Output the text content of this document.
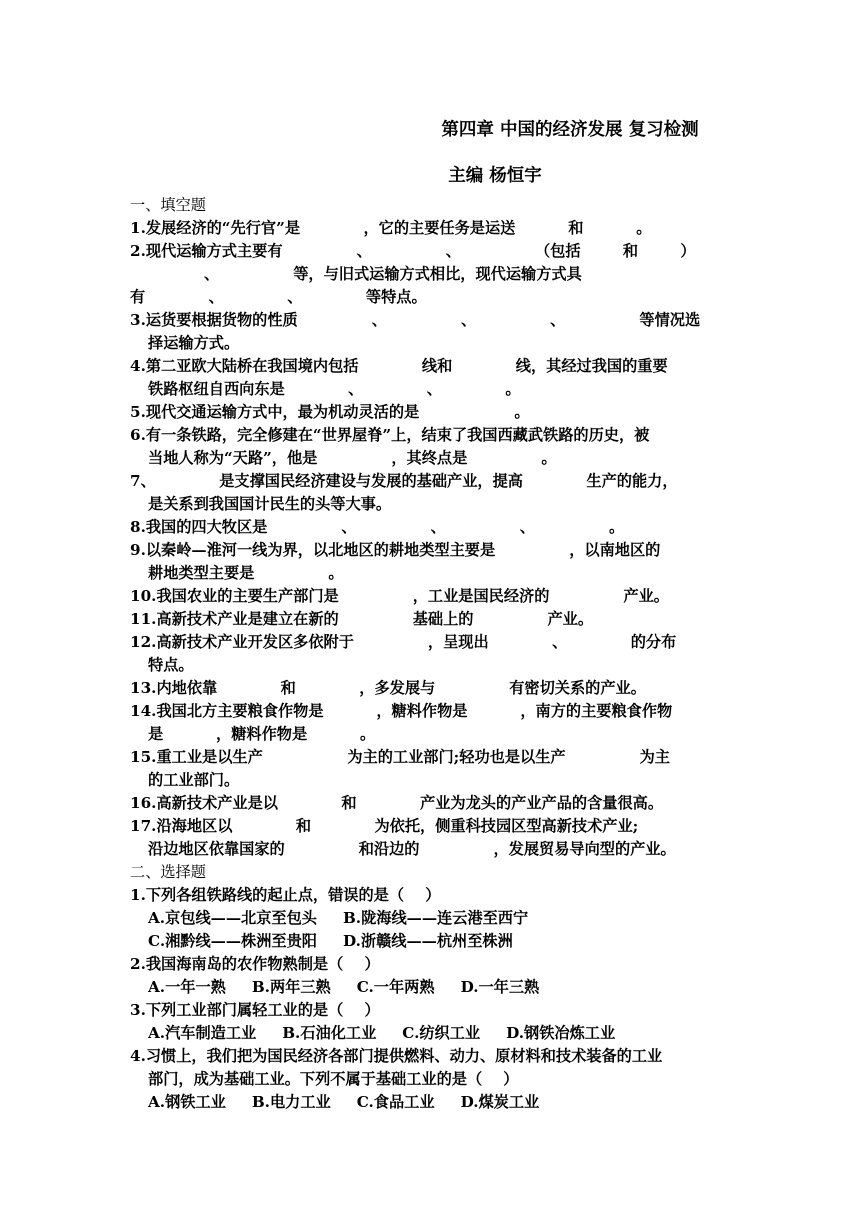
第四章 中国的经济发展 复习检测
主编 杨恒宇
一、填空题
1.发展经济的“先行官”是            ，它的主要任务是运送          和          。
2.现代运输方式主要有              、              、              （包括        和        ）
、              等，与旧式运输方式相比，现代运输方式具
有            、            、            等特点。
3.运货要根据货物的性质              、              、              、              等情况选
择运输方式。
4.第二亚欧大陆桥在我国境内包括            线和            线，其经过我国的重要
铁路枢纽自西向东是            、            、            。
5.现代交通运输方式中，最为机动灵活的是                  。
6.有一条铁路，完全修建在“世界屋脊”上，结束了我国西藏武铁路的历史，被
当地人称为“天路”，他是              ，其终点是              。
7、            是支撑国民经济建设与发展的基础产业，提高            生产的能力，
是关系到我国国计民生的头等大事。
8.我国的四大牧区是              、              、              、              。
9.以秦岭—淮河一线为界，以北地区的耕地类型主要是              ，以南地区的
耕地类型主要是              。
10.我国农业的主要生产部门是              ，工业是国民经济的              产业。
11.高新技术产业是建立在新的              基础上的              产业。
12.高新技术产业开发区多依附于              ，呈现出            、            的分布
特点。
13.内地依靠            和            ，多发展与              有密切关系的产业。
14.我国北方主要粮食作物是          ，糖料作物是          ，南方的主要粮食作物
是          ，糖料作物是          。
15.重工业是以生产                为主的工业部门;轻功也是以生产              为主
的工业部门。
16.高新技术产业是以            和            产业为龙头的产业产品的含量很高。
17.沿海地区以            和            为依托，侧重科技园区型高新技术产业;
沿边地区依靠国家的              和沿边的              ，发展贸易导向型的产业。
二、选择题
1.下列各组铁路线的起止点，错误的是（    ）
A.京包线——北京至包头 B.陇海线——连云港至西宁
C.湘黔线——株洲至贵阳 D.浙赣线——杭州至株洲
2.我国海南岛的农作物熟制是（    ）
A.一年一熟 B.两年三熟 C.一年两熟 D.一年三熟
3.下列工业部门属轻工业的是（    ）
A.汽车制造工业 B.石油化工业 C.纺织工业 D.钢铁冶炼工业
4.习惯上，我们把为国民经济各部门提供燃料、动力、原材料和技术装备的工业
部门，成为基础工业。下列不属于基础工业的是（    ）
A.钢铁工业 B.电力工业 C.食品工业 D.煤炭工业
